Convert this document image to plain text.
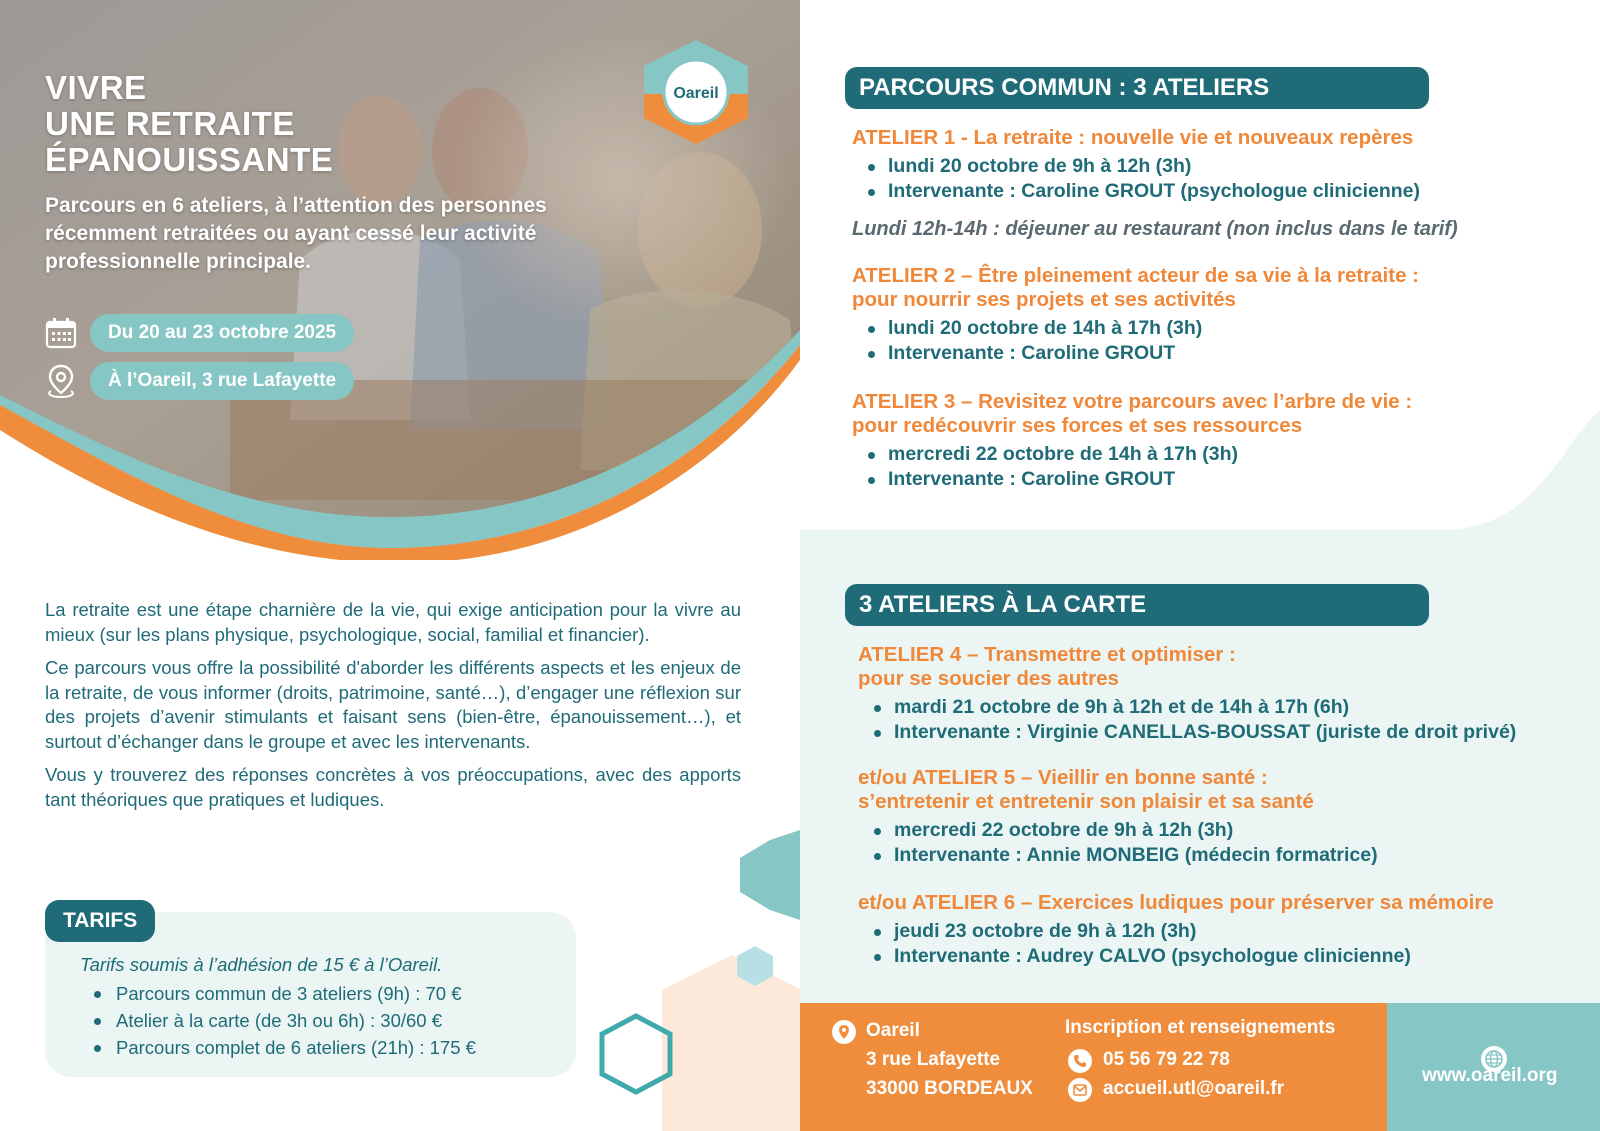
VIVRE
UNE RETRAITE
ÉPANOUISSANTE
Parcours en 6 ateliers, à l’attention des personnes récemment retraitées ou ayant cessé leur activité professionnelle principale.
Du 20 au 23 octobre 2025
À l’Oareil, 3 rue Lafayette
Oareil

La retraite est une étape charnière de la vie, qui exige anticipation pour la vivre au mieux (sur les plans physique, psychologique, social, familial et financier).

Ce parcours vous offre la possibilité d'aborder les différents aspects et les enjeux de la retraite, de vous informer (droits, patrimoine, santé…), d’engager une réflexion sur des projets d’avenir stimulants et faisant sens (bien-être, épanouissement…), et surtout d’échanger dans le groupe et avec les intervenants.

Vous y trouverez des réponses concrètes à vos préoccupations, avec des apports tant théoriques que pratiques et ludiques.

TARIFS
Tarifs soumis à l’adhésion de 15 € à l’Oareil.
Parcours commun de 3 ateliers (9h) : 70 €
Atelier à la carte (de 3h ou 6h) : 30/60 €
Parcours complet de 6 ateliers (21h) : 175 €
PARCOURS COMMUN : 3 ATELIERS
ATELIER 1 - La retraite : nouvelle vie et nouveaux repères
lundi 20 octobre de 9h à 12h (3h)
Intervenante : Caroline GROUT (psychologue clinicienne)
Lundi 12h-14h : déjeuner au restaurant (non inclus dans le tarif)
ATELIER 2 – Être pleinement acteur de sa vie à la retraite :
pour nourrir ses projets et ses activités
lundi 20 octobre de 14h à 17h (3h)
Intervenante : Caroline GROUT
ATELIER 3 – Revisitez votre parcours avec l’arbre de vie :
pour redécouvrir ses forces et ses ressources
mercredi 22 octobre de 14h à 17h (3h)
Intervenante : Caroline GROUT
3 ATELIERS À LA CARTE
ATELIER 4 – Transmettre et optimiser :
pour se soucier des autres
mardi 21 octobre de 9h à 12h et de 14h à 17h (6h)
Intervenante : Virginie CANELLAS-BOUSSAT (juriste de droit privé)
et/ou ATELIER 5 – Vieillir en bonne santé :
s’entretenir et entretenir son plaisir et sa santé
mercredi 22 octobre de 9h à 12h (3h)
Intervenante : Annie MONBEIG (médecin formatrice)
et/ou ATELIER 6 – Exercices ludiques pour préserver sa mémoire
jeudi 23 octobre de 9h à 12h (3h)
Intervenante : Audrey CALVO (psychologue clinicienne)
Oareil
3 rue Lafayette
33000 BORDEAUX
Inscription et renseignements
05 56 79 22 78
accueil.utl@oareil.fr
www.oareil.org
